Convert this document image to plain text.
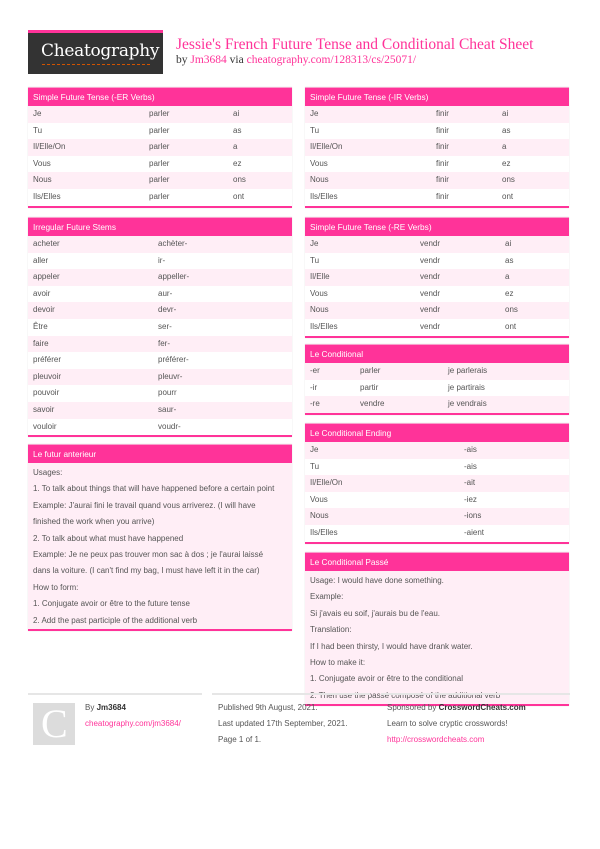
Cheatography Jessie's French Future Tense and Conditional Cheat Sheet
by Jm3684 via cheatography.com/128313/cs/25071/
Simple Future Tense (-ER Verbs)
Je	parler	ai
Tu	parler	as
Il/Elle/On	parler	a
Vous	parler	ez
Nous	parler	ons
Ils/Elles	parler	ont
Simple Future Tense (-IR Verbs)
Je	finir	ai
Tu	finir	as
Il/Elle/On	finir	a
Vous	finir	ez
Nous	finir	ons
Ils/Elles	finir	ont
Irregular Future Stems
acheter	achèter-
aller	ir-
appeler	appeller-
avoir	aur-
devoir	devr-
Être	ser-
faire	fer-
préférer	préférer-
pleuvoir	pleuvr-
pouvoir	pourr
savoir	saur-
vouloir	voudr-
Le futur anterieur
Usages:
1. To talk about things that will have happened before a certain point
Example: J'aurai fini le travail quand vous arriverez. (I will have
finished the work when you arrive)
2. To talk about what must have happened
Example: Je ne peux pas trouver mon sac à dos ; je l'aurai laissé
dans la voiture. (I can't find my bag, I must have left it in the car)
How to form:
1. Conjugate avoir or être to the future tense
2. Add the past participle of the additional verb
Simple Future Tense (-RE Verbs)
Je	vendr	ai
Tu	vendr	as
Il/Elle	vendr	a
Vous	vendr	ez
Nous	vendr	ons
Ils/Elles	vendr	ont
Le Conditional
-er	parler	je parlerais
-ir	partir	je partirais
-re	vendre	je vendrais
Le Conditional Ending
Je	-ais
Tu	-ais
Il/Elle/On	-ait
Vous	-iez
Nous	-ions
Ils/Elles	-aient
Le Conditional Passé
Usage: I would have done something.
Example:
Si j'avais eu soif, j'aurais bu de l'eau.
Translation:
If I had been thirsty, I would have drank water.
How to make it:
1. Conjugate avoir or être to the conditional
2. Then use the passé composé of the additional verb
C By Jm3684
cheatography.com/jm3684/
Published 9th August, 2021.
Last updated 17th September, 2021.
Page 1 of 1.
Sponsored by CrosswordCheats.com
Learn to solve cryptic crosswords!
http://crosswordcheats.com
